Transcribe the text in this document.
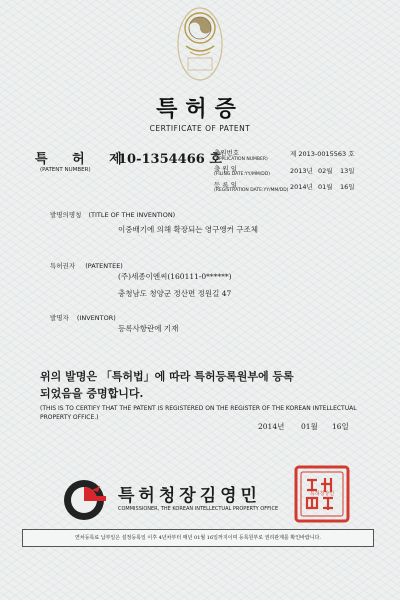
특허증
CERTIFICATE OF PATENT
특 허 제
10-1354466 호
(PATENT NUMBER)
출원번호
(APPLICATION NUMBER)
제 2013-0015563 호
출 원 일
(FILING DATE:YY/MM/DD)	2013년 02월 13일
등 록 일
(REGISTRATION DATE:YY/MM/DD) 2014년 01월 16일
발명의명칭 (TITLE OF THE INVENTION)
이중배기에 의해 확장되는 영구앵커 구조체
특허권자 (PATENTEE)
(주)세종이엔씨(160111-0******)
충청남도 청양군 정산면 정원길 47
발명자 (INVENTOR)
등록사항란에 기재
위의 발명은 「특허법」에 따라 특허등록원부에 등록
되었음을 증명합니다.
(THIS IS TO CERTIFY THAT THE PATENT IS REGISTERED ON THE REGISTER OF THE KOREAN INTELLECTUAL PROPERTY OFFICE.)
2014년 01월 16일
특허청장김영민
COMMISSIONER, THE KOREAN INTELLECTUAL PROPERTY OFFICE
특허청장인
연차등록료 납부일은 설정등록일 이후 4년차부터 매년 01월 16일까지이며 등록원부로 권리관계를 확인바랍니다.
